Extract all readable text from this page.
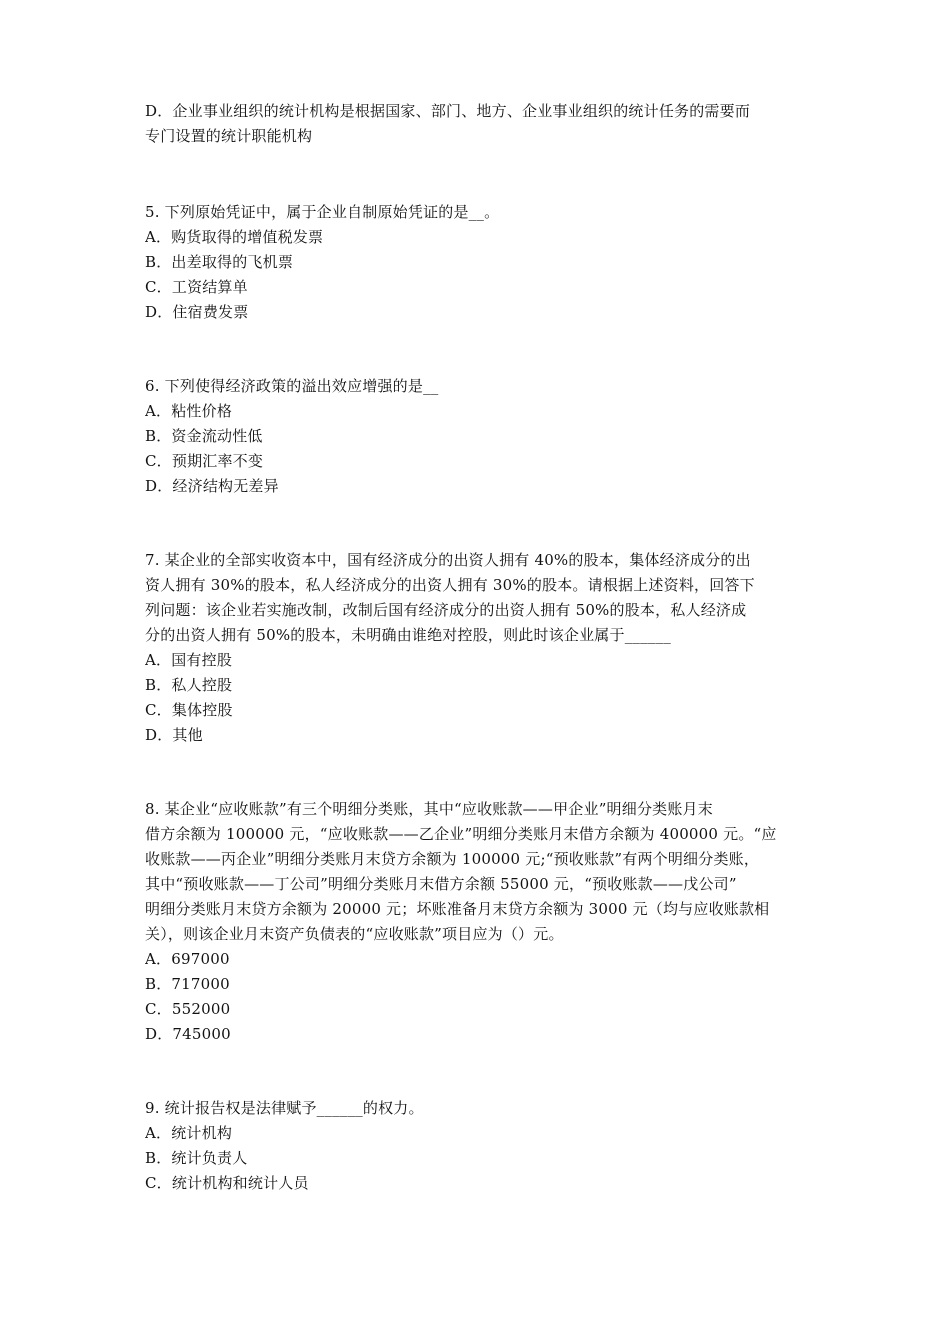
D．企业事业组织的统计机构是根据国家、部门、地方、企业事业组织的统计任务的需要而
专门设置的统计职能机构
5. 下列原始凭证中，属于企业自制原始凭证的是__。
A．购货取得的增值税发票
B．出差取得的飞机票
C．工资结算单
D．住宿费发票
6. 下列使得经济政策的溢出效应增强的是__
A．粘性价格
B．资金流动性低
C．预期汇率不变
D．经济结构无差异
7. 某企业的全部实收资本中，国有经济成分的出资人拥有 40%的股本，集体经济成分的出
资人拥有 30%的股本，私人经济成分的出资人拥有 30%的股本。请根据上述资料，回答下
列问题：该企业若实施改制，改制后国有经济成分的出资人拥有 50%的股本，私人经济成
分的出资人拥有 50%的股本，未明确由谁绝对控股，则此时该企业属于______
A．国有控股
B．私人控股
C．集体控股
D．其他
8. 某企业“应收账款”有三个明细分类账，其中“应收账款——甲企业”明细分类账月末
借方余额为 100000 元，“应收账款——乙企业”明细分类账月末借方余额为 400000 元。“应
收账款——丙企业”明细分类账月末贷方余额为 100000 元;“预收账款”有两个明细分类账，
其中“预收账款——丁公司”明细分类账月末借方余额 55000 元，“预收账款——戊公司”
明细分类账月末贷方余额为 20000 元；坏账准备月末贷方余额为 3000 元（均与应收账款相
关），则该企业月末资产负债表的“应收账款”项目应为（）元。
A．697000
B．717000
C．552000
D．745000
9. 统计报告权是法律赋予______的权力。
A．统计机构
B．统计负责人
C．统计机构和统计人员
